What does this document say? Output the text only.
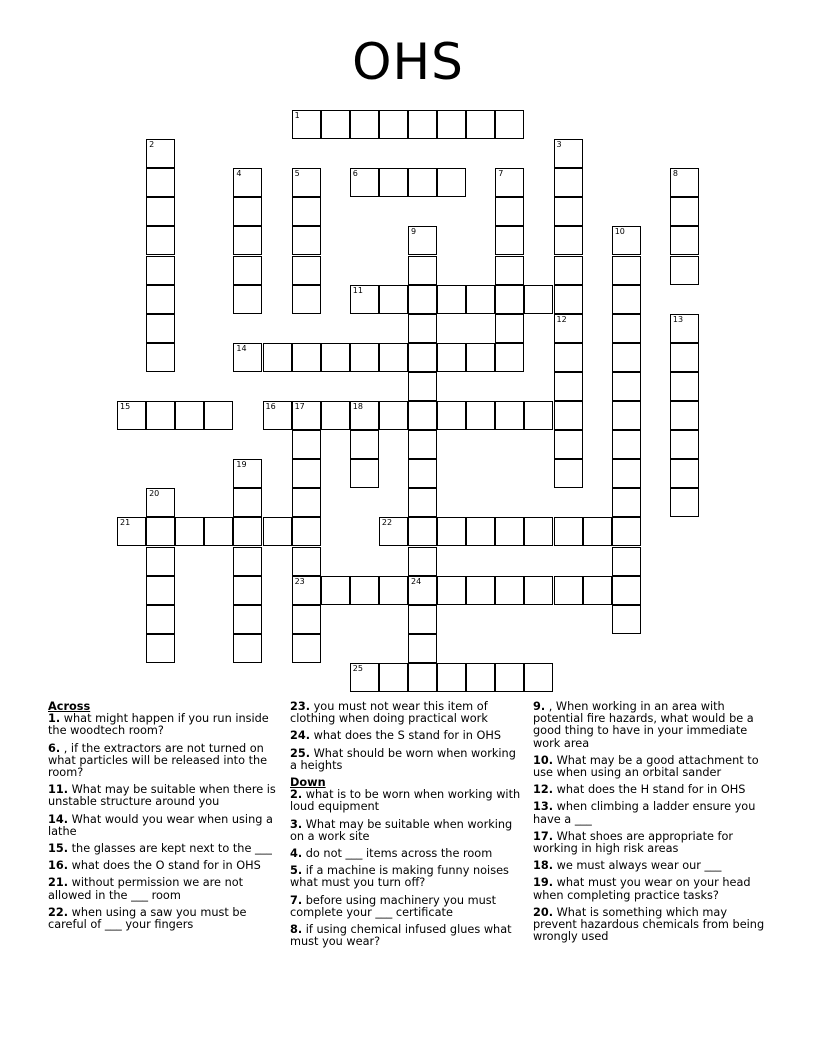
OHS
1
2	3
4	5	6	7	8
9	10
11
12	13
14
15	16 17	18
19
20
21	22
23	24
25
Across

1. what might happen if you run inside the woodtech room?

6. , if the extractors are not turned on what particles will be released into the room?

11. What may be suitable when there is unstable structure around you

14. What would you wear when using a lathe

15. the glasses are kept next to the ___

16. what does the O stand for in OHS

21. without permission we are not allowed in the ___ room

22. when using a saw you must be careful of ___ your fingers

23. you must not wear this item of clothing when doing practical work

24. what does the S stand for in OHS

25. What should be worn when working a heights

Down

2. what is to be worn when working with loud equipment

3. What may be suitable when working on a work site

4. do not ___ items across the room

5. if a machine is making funny noises what must you turn off?

7. before using machinery you must complete your ___ certificate

8. if using chemical infused glues what must you wear?

9. , When working in an area with potential fire hazards, what would be a good thing to have in your immediate work area

10. What may be a good attachment to use when using an orbital sander

12. what does the H stand for in OHS

13. when climbing a ladder ensure you have a ___

17. What shoes are appropriate for working in high risk areas

18. we must always wear our ___

19. what must you wear on your head when completing practice tasks?

20. What is something which may prevent hazardous chemicals from being wrongly used
